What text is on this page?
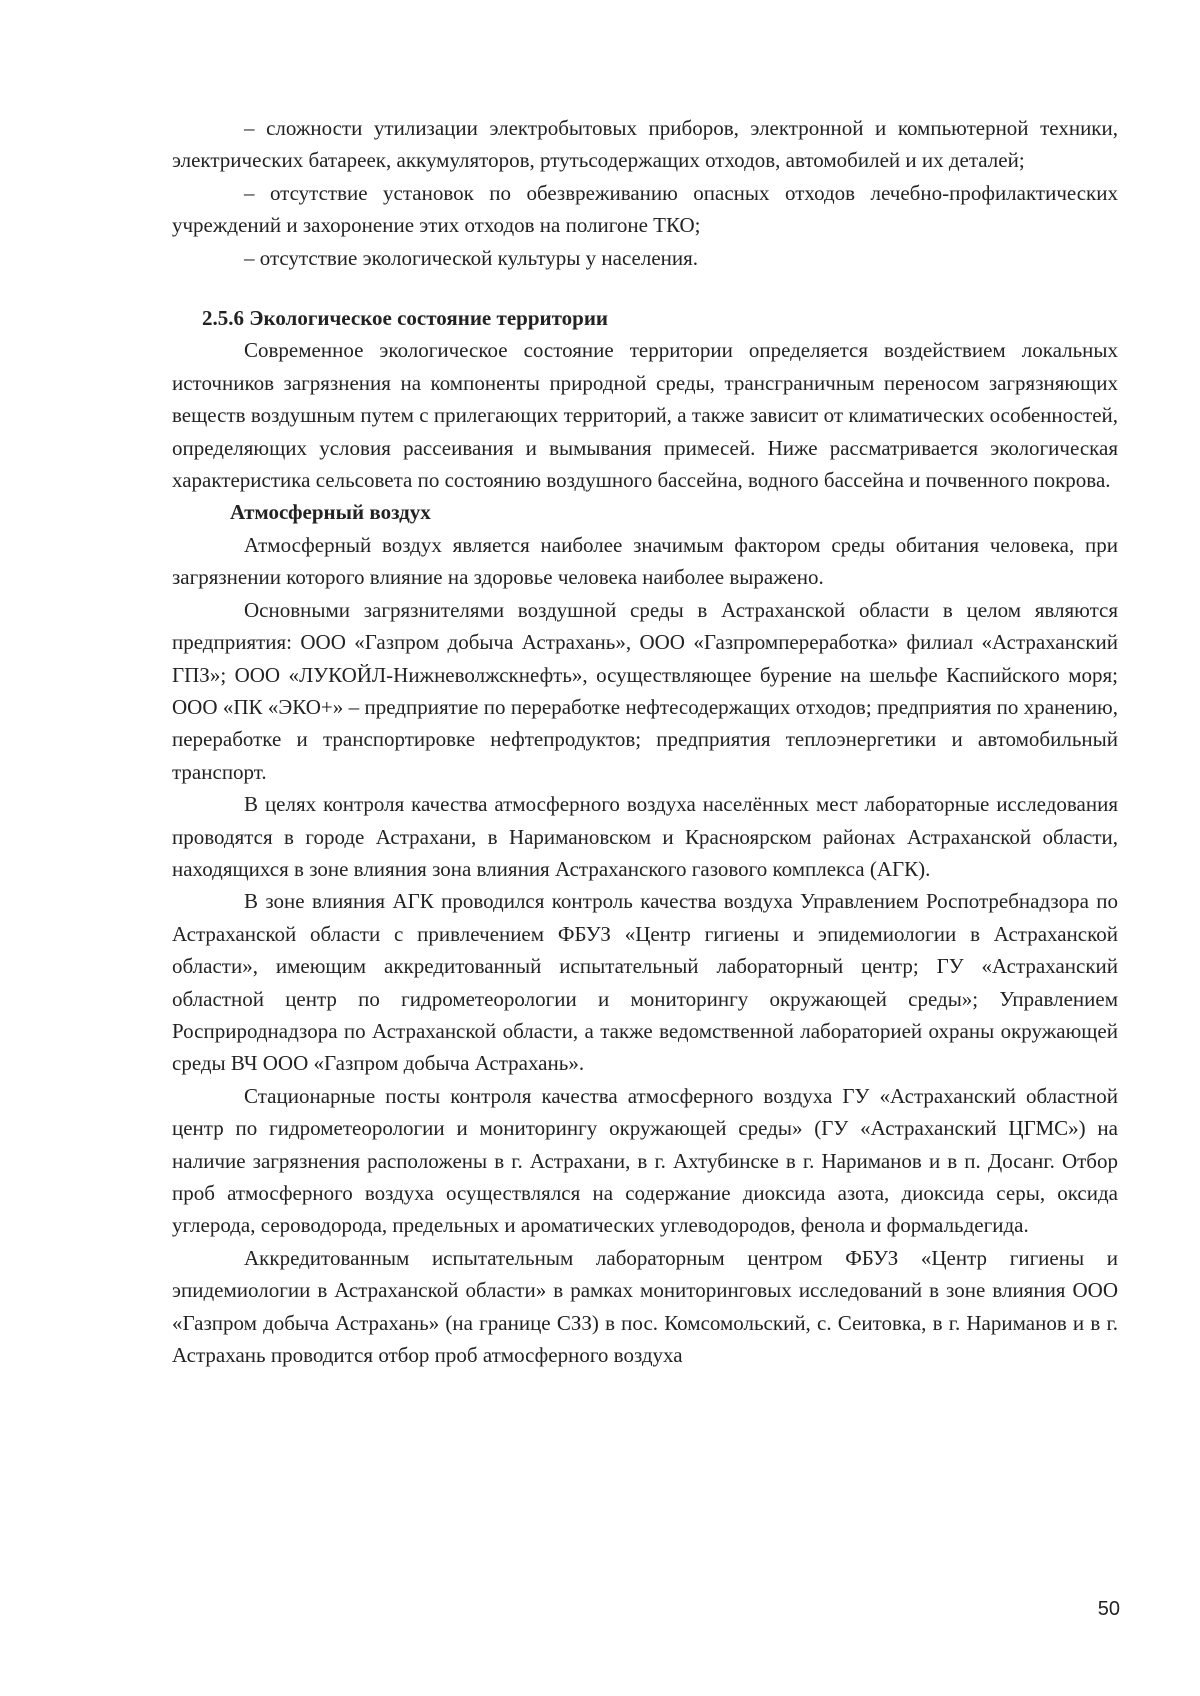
– сложности утилизации электробытовых приборов, электронной и компьютерной техники, электрических батареек, аккумуляторов, ртутьсодержащих отходов, автомобилей и их деталей;

– отсутствие установок по обезвреживанию опасных отходов лечебно-профилактических учреждений и захоронение этих отходов на полигоне ТКО;

– отсутствие экологической культуры у населения.

2.5.6 Экологическое состояние территории

Современное экологическое состояние территории определяется воздействием локальных источников загрязнения на компоненты природной среды, трансграничным переносом загрязняющих веществ воздушным путем с прилегающих территорий, а также зависит от климатических особенностей, определяющих условия рассеивания и вымывания примесей. Ниже рассматривается экологическая характеристика сельсовета по состоянию воздушного бассейна, водного бассейна и почвенного покрова.

Атмосферный воздух

Атмосферный воздух является наиболее значимым фактором среды обитания человека, при загрязнении которого влияние на здоровье человека наиболее выражено.

Основными загрязнителями воздушной среды в Астраханской области в целом являются предприятия: ООО «Газпром добыча Астрахань», ООО «Газпромпереработка» филиал «Астраханский ГПЗ»; ООО «ЛУКОЙЛ-Нижневолжскнефть», осуществляющее бурение на шельфе Каспийского моря; ООО «ПК «ЭКО+» – предприятие по переработке нефтесодержащих отходов; предприятия по хранению, переработке и транспортировке нефтепродуктов; предприятия теплоэнергетики и автомобильный транспорт.

В целях контроля качества атмосферного воздуха населённых мест лабораторные исследования проводятся в городе Астрахани, в Наримановском и Красноярском районах Астраханской области, находящихся в зоне влияния зона влияния Астраханского газового комплекса (АГК).

В зоне влияния АГК проводился контроль качества воздуха Управлением Роспотребнадзора по Астраханской области с привлечением ФБУЗ «Центр гигиены и эпидемиологии в Астраханской области», имеющим аккредитованный испытательный лабораторный центр; ГУ «Астраханский областной центр по гидрометеорологии и мониторингу окружающей среды»; Управлением Росприроднадзора по Астраханской области, а также ведомственной лабораторией охраны окружающей среды ВЧ ООО «Газпром добыча Астрахань».

Стационарные посты контроля качества атмосферного воздуха ГУ «Астраханский областной центр по гидрометеорологии и мониторингу окружающей среды» (ГУ «Астраханский ЦГМС») на наличие загрязнения расположены в г. Астрахани, в г. Ахтубинске в г. Нариманов и в п. Досанг. Отбор проб атмосферного воздуха осуществлялся на содержание диоксида азота, диоксида серы, оксида углерода, сероводорода, предельных и ароматических углеводородов, фенола и формальдегида.

Аккредитованным испытательным лабораторным центром ФБУЗ «Центр гигиены и эпидемиологии в Астраханской области» в рамках мониторинговых исследований в зоне влияния ООО «Газпром добыча Астрахань» (на границе СЗЗ) в пос. Комсомольский, с. Сеитовка, в г. Нариманов и в г. Астрахань проводится отбор проб атмосферного воздуха

50
